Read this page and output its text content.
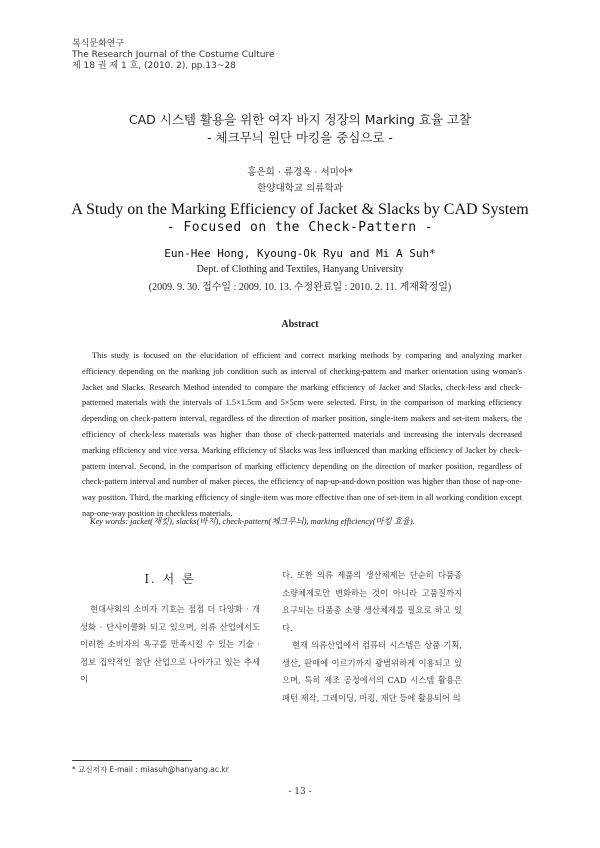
복식문화연구
The Research Journal of the Costume Culture
제 18 권 제 1 호, (2010. 2), pp.13~28
CAD 시스템 활용을 위한 여자 바지 정장의 Marking 효율 고찰
- 체크무늬 원단 마킹을 중심으로 -
홍은희 · 류경옥 · 서미아*
한양대학교 의류학과
A Study on the Marking Efficiency of Jacket & Slacks by CAD System
- Focused on the Check-Pattern -
Eun-Hee Hong, Kyoung-Ok Ryu and Mi A Suh*
Dept. of Clothing and Textiles, Hanyang University
(2009. 9. 30. 접수일 : 2009. 10. 13. 수정완료일 : 2010. 2. 11. 게재확정일)
Abstract
This study is focused on the elucidation of efficient and correct marking methods by comparing and analyzing marker efficiency depending on the marking job condition such as interval of checking-pattern and marker orientation using woman's Jacket and Slacks. Research Method intended to compare the marking efficiency of Jacket and Slacks, check-less and check- patterned materials with the intervals of 1.5×1.5cm and 5×5cm were selected. First, in the comparison of marking efficiency depending on check-pattern interval, regardless of the direction of marker position, single-item makers and set-item makers, the efficiency of check-less materials was higher than those of check-patterned materials and increasing the intervals decreased marking efficiency and vice versa. Marking efficiency of Slacks was less influenced than marking efficiency of Jacket by check-pattern interval. Second, in the comparison of marking efficiency depending on the direction of marker position, regardless of check-pattern interval and number of maker pieces, the efficiency of nap-up-and-down position was higher than those of nap-one-way position. Third, the marking efficiency of single-item was more effective than one of set-item in all working condition except nap-one-way position in checkless materials.
Key words: jacket(재킷), slacks(바지), check-pattern(체크무늬), marking efficiency(마킹 효율).
Ⅰ. 서 론

현대사회의 소비자 기호는 점점 더 다양화 · 개성화 · 단사이클화 되고 있으며, 의류 산업에서도 이러한 소비자의 욕구를 만족시킬 수 있는 기술 · 정보 집약적인 첨단 산업으로 나아가고 있는 추세이

다. 또한 의류 제품의 생산체제는 단순히 다품종 소량체제로만 변화하는 것이 아니라 고품질까지 요구되는 다품종 소량 생산체제를 필요로 하고 있다.

현재 의류산업에서 컴퓨터 시스템은 상품 기획, 생산, 판매에 이르기까지 광범위하게 이용되고 있으며, 특히 제조 공정에서의 CAD 시스템 활용은 패턴 제작, 그레이딩, 마킹, 재단 등에 활용되어 의

* 교신저자 E-mail : miasuh@hanyang.ac.kr
- 13 -
